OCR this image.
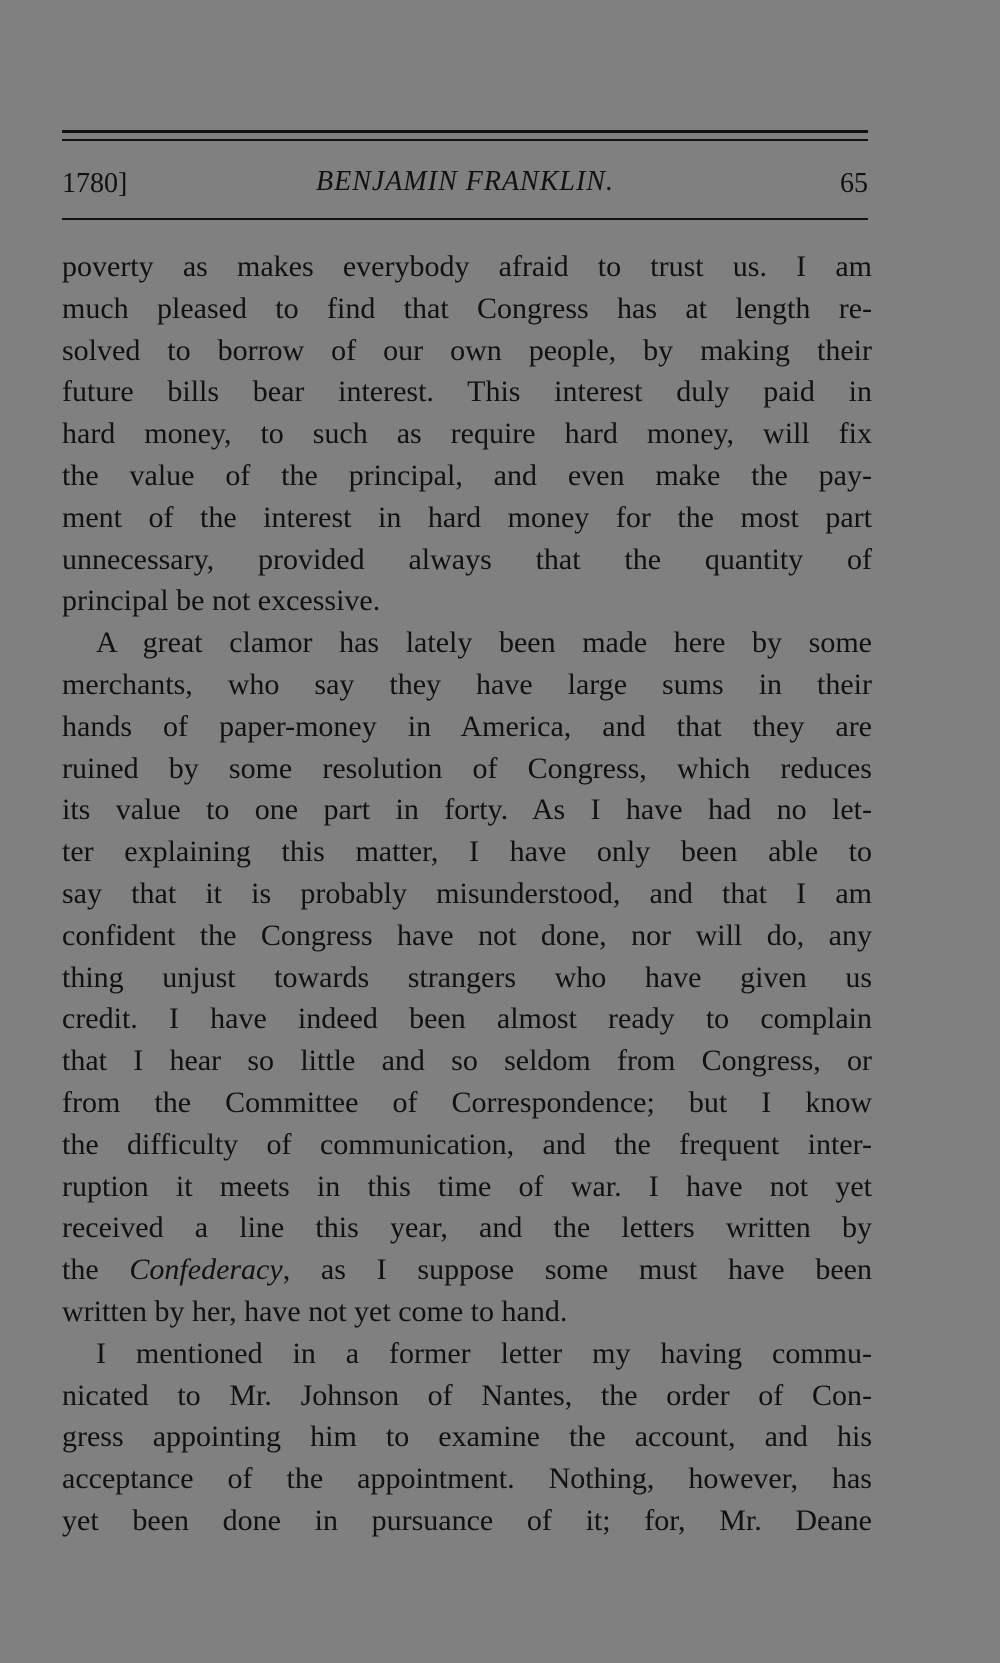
1780]	BENJAMIN FRANKLIN.	65
poverty as makes everybody afraid to trust us. I am
much pleased to find that Congress has at length re-
solved to borrow of our own people, by making their
future bills bear interest. This interest duly paid in
hard money, to such as require hard money, will fix
the value of the principal, and even make the pay-
ment of the interest in hard money for the most part
unnecessary, provided always that the quantity of
principal be not excessive.
A great clamor has lately been made here by some
merchants, who say they have large sums in their
hands of paper-money in America, and that they are
ruined by some resolution of Congress, which reduces
its value to one part in forty. As I have had no let-
ter explaining this matter, I have only been able to
say that it is probably misunderstood, and that I am
confident the Congress have not done, nor will do, any
thing unjust towards strangers who have given us
credit. I have indeed been almost ready to complain
that I hear so little and so seldom from Congress, or
from the Committee of Correspondence; but I know
the difficulty of communication, and the frequent inter-
ruption it meets in this time of war. I have not yet
received a line this year, and the letters written by
the Confederacy, as I suppose some must have been
written by her, have not yet come to hand.
I mentioned in a former letter my having commu-
nicated to Mr. Johnson of Nantes, the order of Con-
gress appointing him to examine the account, and his
acceptance of the appointment. Nothing, however, has
yet been done in pursuance of it; for, Mr. Deane
